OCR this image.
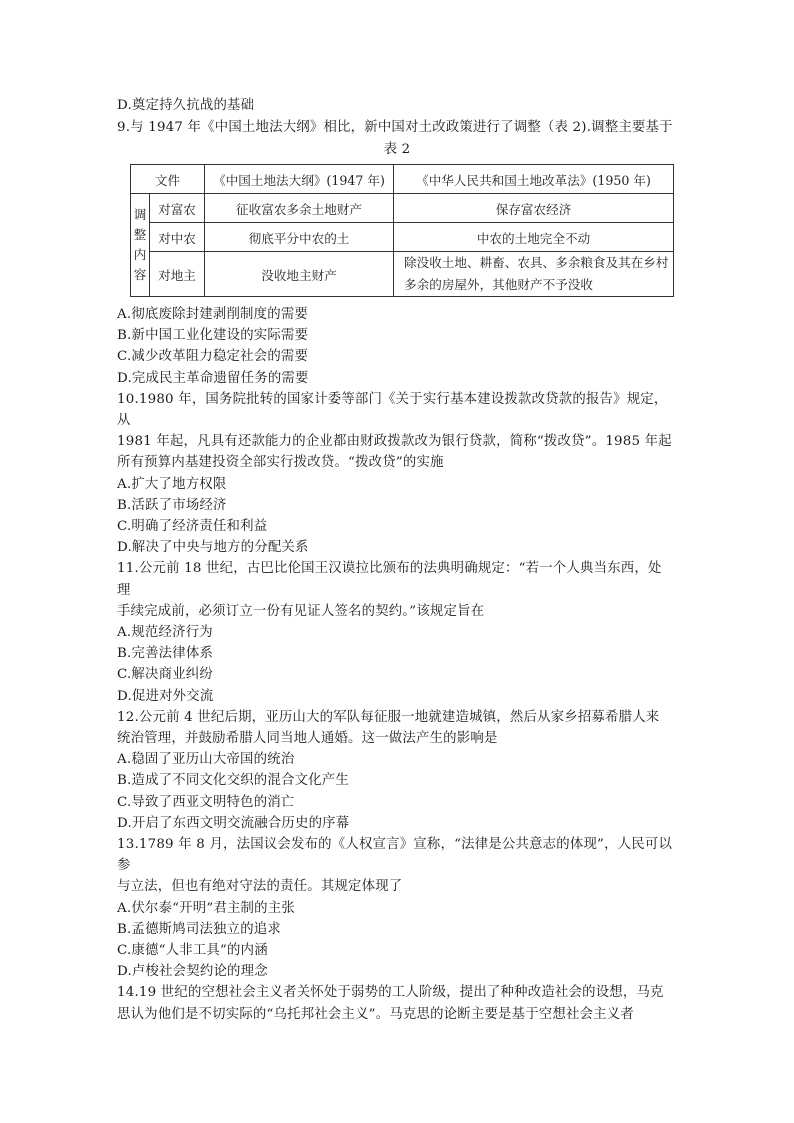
D.奠定持久抗战的基础
9.与 1947 年《中国土地法大纲》相比，新中国对土改政策进行了调整（表 2).调整主要基于
表 2
文件		《中国土地法大纲》(1947 年)	《中华人民共和国土地改革法》(1950 年)

调
整
内
容	对富农	征收富农多余土地财产	保存富农经济
	对中农	彻底平分中农的土	中农的土地完全不动
	对地主	没收地主财产	除没收土地、耕畜、农具、多余粮食及其在乡村多余的房屋外，其他财产不予没收
A.彻底废除封建剥削制度的需要
B.新中国工业化建设的实际需要
C.减少改革阻力稳定社会的需要
D.完成民主革命遗留任务的需要
10.1980 年，国务院批转的国家计委等部门《关于实行基本建设拨款改贷款的报告》规定，
从
1981 年起，凡具有还款能力的企业都由财政拨款改为银行贷款，简称“拨改贷”。1985 年起
所有预算内基建投资全部实行拨改贷。“拨改贷”的实施
A.扩大了地方权限
B.活跃了市场经济
C.明确了经济责任和利益
D.解决了中央与地方的分配关系
11.公元前 18 世纪，古巴比伦国王汉谟拉比颁布的法典明确规定：“若一个人典当东西，处
理
手续完成前，必须订立一份有见证人签名的契约。”该规定旨在
A.规范经济行为
B.完善法律体系
C.解决商业纠纷
D.促进对外交流
12.公元前 4 世纪后期，亚历山大的军队每征服一地就建造城镇，然后从家乡招募希腊人来
统治管理，并鼓励希腊人同当地人通婚。这一做法产生的影响是
A.稳固了亚历山大帝国的统治
B.造成了不同文化交织的混合文化产生
C.导致了西亚文明特色的消亡
D.开启了东西文明交流融合历史的序幕
13.1789 年 8 月，法国议会发布的《人权宣言》宣称，“法律是公共意志的体现”，人民可以
参
与立法，但也有绝对守法的责任。其规定体现了
A.伏尔泰“开明”君主制的主张
B.孟德斯鸠司法独立的追求
C.康德“人非工具”的内涵
D.卢梭社会契约论的理念
14.19 世纪的空想社会主义者关怀处于弱势的工人阶级，提出了种种改造社会的设想，马克
思认为他们是不切实际的“乌托邦社会主义”。马克思的论断主要是基于空想社会主义者
